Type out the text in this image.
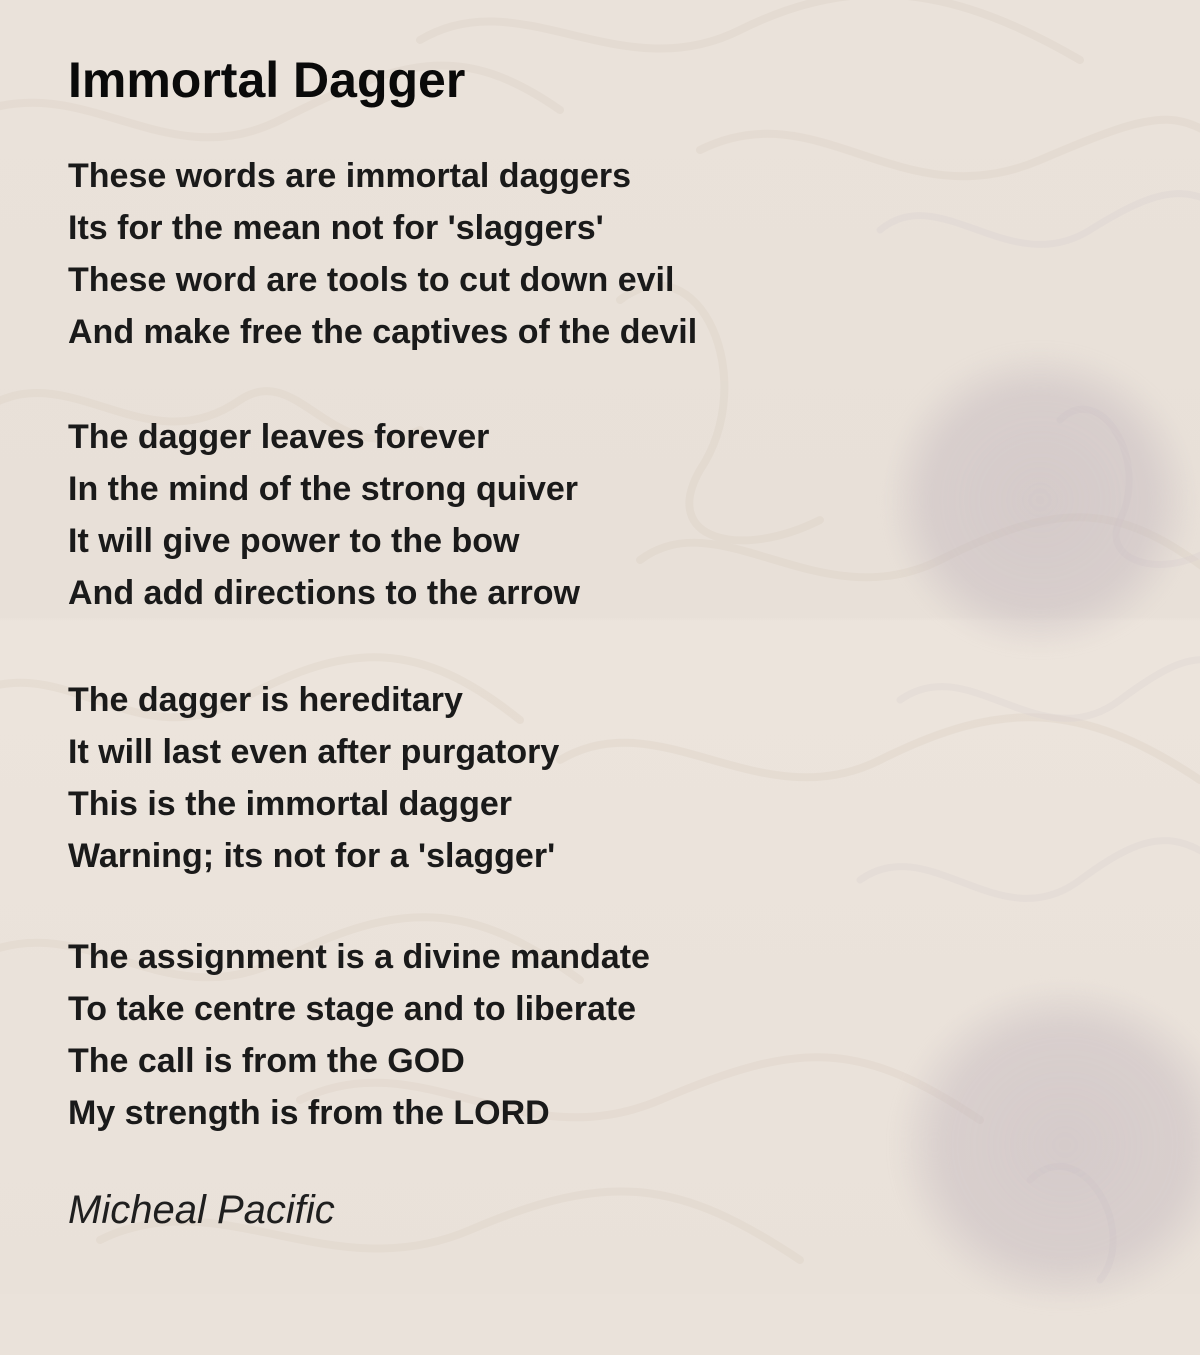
Immortal Dagger

These words are immortal daggers

Its for the mean not for 'slaggers'

These word are tools to cut down evil

And make free the captives of the devil

The dagger leaves forever

In the mind of the strong quiver

It will give power to the bow

And add directions to the arrow

The dagger is hereditary

It will last even after purgatory

This is the immortal dagger

Warning; its not for a 'slagger'

The assignment is a divine mandate

To take centre stage and to liberate

The call is from the GOD

My strength is from the LORD

Micheal Pacific
